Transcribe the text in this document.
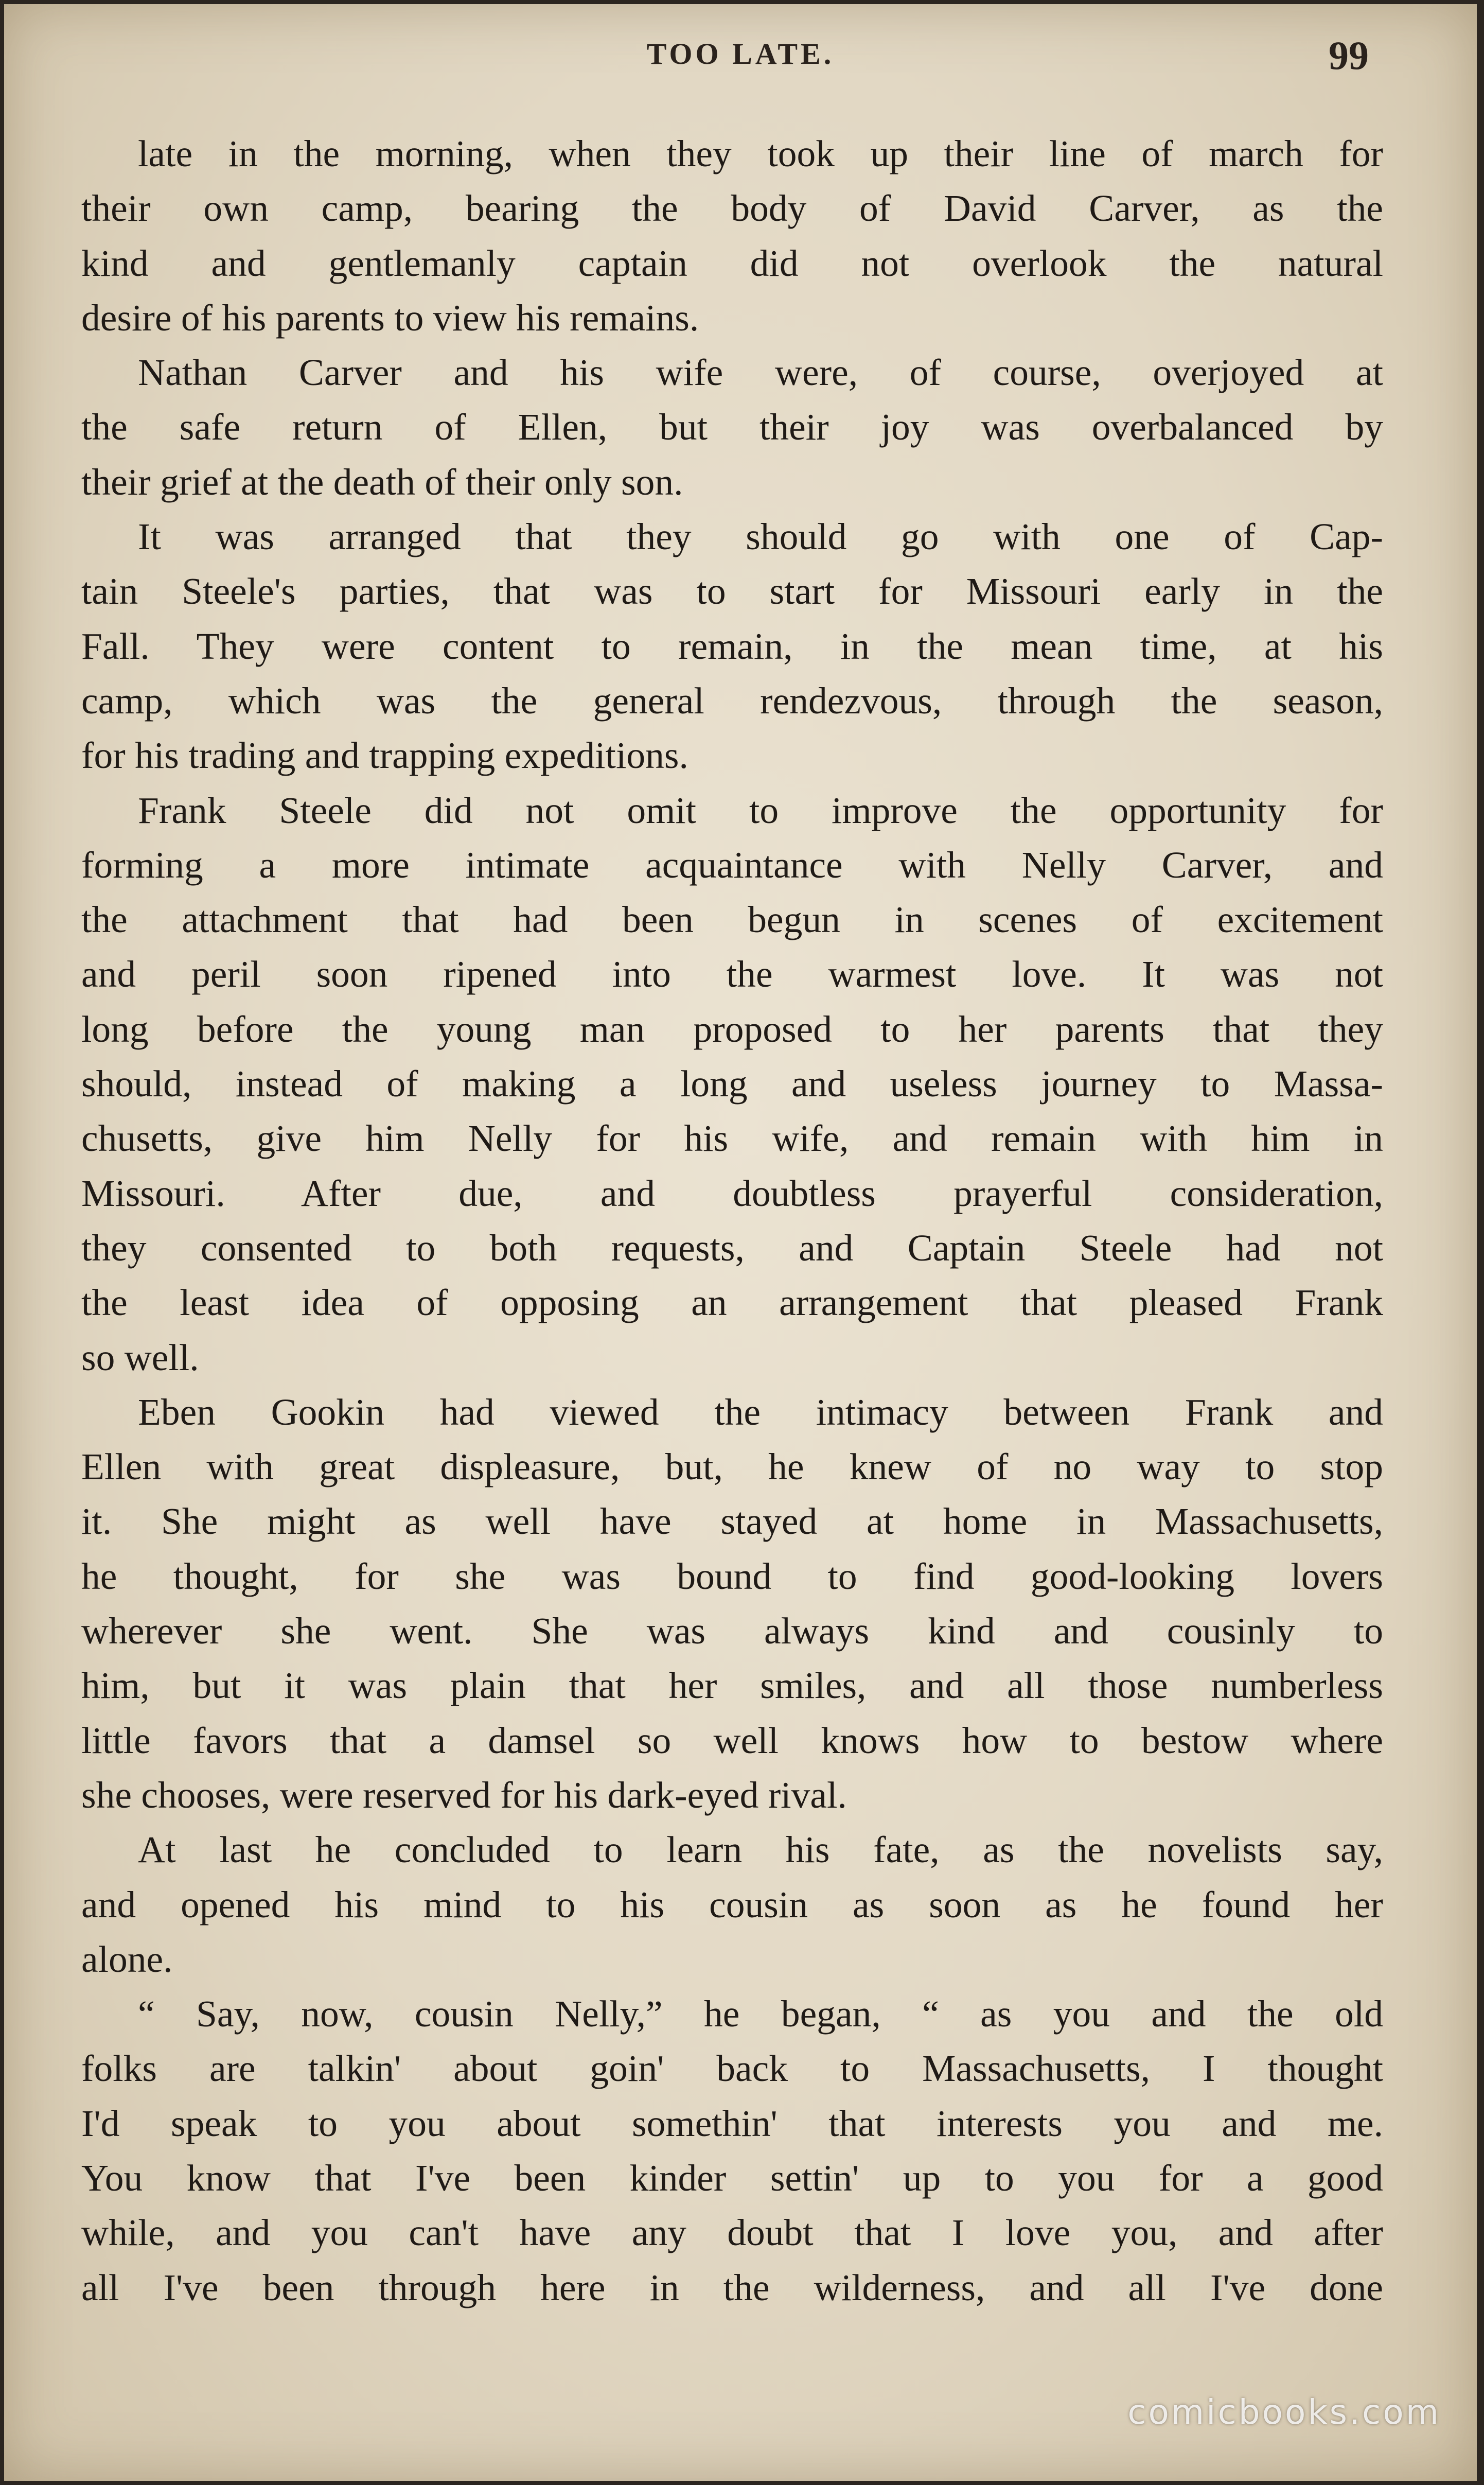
TOO LATE.	99
late in the morning, when they took up their line of march for
their own camp, bearing the body of David Carver, as the
kind and gentlemanly captain did not overlook the natural
desire of his parents to view his remains.
Nathan Carver and his wife were, of course, overjoyed at
the safe return of Ellen, but their joy was overbalanced by
their grief at the death of their only son.
It was arranged that they should go with one of Cap-
tain Steele's parties, that was to start for Missouri early in the
Fall. They were content to remain, in the mean time, at his
camp, which was the general rendezvous, through the season,
for his trading and trapping expeditions.
Frank Steele did not omit to improve the opportunity for
forming a more intimate acquaintance with Nelly Carver, and
the attachment that had been begun in scenes of excitement
and peril soon ripened into the warmest love. It was not
long before the young man proposed to her parents that they
should, instead of making a long and useless journey to Massa-
chusetts, give him Nelly for his wife, and remain with him in
Missouri. After due, and doubtless prayerful consideration,
they consented to both requests, and Captain Steele had not
the least idea of opposing an arrangement that pleased Frank
so well.
Eben Gookin had viewed the intimacy between Frank and
Ellen with great displeasure, but, he knew of no way to stop
it. She might as well have stayed at home in Massachusetts,
he thought, for she was bound to find good-looking lovers
wherever she went. She was always kind and cousinly to
him, but it was plain that her smiles, and all those numberless
little favors that a damsel so well knows how to bestow where
she chooses, were reserved for his dark-eyed rival.
At last he concluded to learn his fate, as the novelists say,
and opened his mind to his cousin as soon as he found her
alone.
“ Say, now, cousin Nelly,” he began, “ as you and the old
folks are talkin' about goin' back to Massachusetts, I thought
I'd speak to you about somethin' that interests you and me.
You know that I've been kinder settin' up to you for a good
while, and you can't have any doubt that I love you, and after
all I've been through here in the wilderness, and all I've done
comicbooks.com
